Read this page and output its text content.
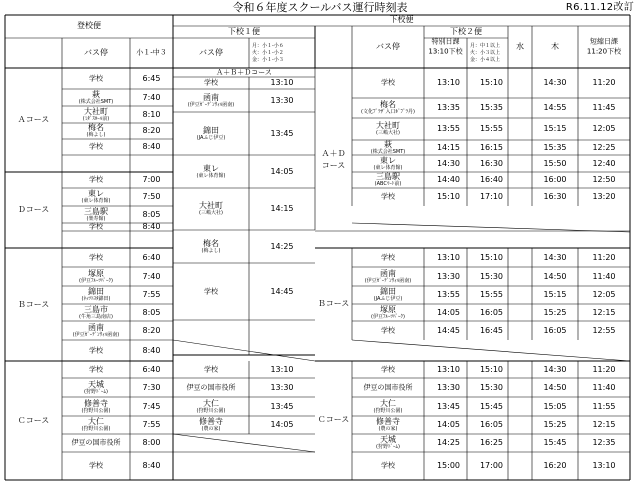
令和６年度スクールバス運行時刻表	R6.11.12改訂
登校便
下校便
下校１便	下校２便
バス停	小１‐中３	バス停
バス停	水	木
月：小１‐小６	月：中１以上
火：小１‐小２	火：小３以上
金：小１‐小３	金：小４以上
特別日課
13:10下校
短縮日課
11:20下校
Ａコース
学校	6:45
萩
(株式会社SMT)	7:40
大社町
(ﾐﾀﾞｽﾎｰﾙ前)	8:10
梅名
(梅よし)	8:20
学校	8:40
Ｄコース
学校	7:00
東レ
(東レ体育館)	7:50
三島駅
(楽寿館)	8:05
学校	8:40
Ｂコース
学校	6:40
塚原
(伊豆ﾌﾙｰﾂﾊﾟｰｸ)	7:40
錦田
(ﾈｯﾂﾄﾖﾀ錦田)	7:55
三島市
(牛角三島南店)	8:05
函南
(伊豆ｶﾞｰﾃﾞﾝｳｨﾙ函南)	8:20
学校	8:40
Ｃコース
学校	6:40
天城
(狩野ﾄﾞｰﾑ)	7:30
修善寺
(狩野川公園)	7:45
大仁
(狩野川公園)	7:55
伊豆の国市役所	8:00
学校	8:40
Ａ＋Ｂ＋Ｄコース
学校	13:10
函南
(伊豆ｶﾞｰﾃﾞﾝｳｨﾙ函南)	13:30
錦田
(JAふじ伊豆)	13:45
東レ
(東レ体育館)	14:05
大社町
(三嶋大社)	14:15
梅名
(梅よし)	14:25
学校	14:45
学校	13:10
伊豆の国市役所	13:30
大仁
(狩野川公園)	13:45
修善寺
(農の家)	14:05
学校	13:10 15:10	14:30	11:20
梅名
(文化ﾌﾟﾗｻﾞ入口ﾎﾟﾌﾟﾗ丹)	13:35 15:35	14:55	11:45
大社町
(三嶋大社)	13:55 15:55	15:15	12:05
萩
(株式会社SMT)	14:15 16:15	15:35	12:25
東レ
(東レ体育館)	14:30 16:30	15:50	12:40
三島駅
(ABCﾏｰﾄ前)	14:40 16:40	16:00	12:50
学校	15:10 17:10	16:30	13:20
Ａ＋Ｄ
コース
学校	13:10 15:10	14:30	11:20
函南
(伊豆ｶﾞｰﾃﾞﾝｳｨﾙ函南)	13:30 15:30	14:50	11:40
錦田
(JAふじ伊豆)	13:55 15:55	15:15	12:05
塚原
(伊豆ﾌﾙｰﾂﾊﾟｰｸ)	14:05 16:05	15:25	12:15
学校	14:45 16:45	16:05	12:55
Ｂコース
学校	13:10 15:10	14:30	11:20
伊豆の国市役所	13:30 15:30	14:50	11:40
大仁
(狩野川公園)	13:45 15:45	15:05	11:55
修善寺
(農の家)	14:05 16:05	15:25	12:15
天城
(狩野ﾄﾞｰﾑ)	14:25 16:25	15:45	12:35
学校	15:00 17:00	16:20	13:10
Ｃコース
